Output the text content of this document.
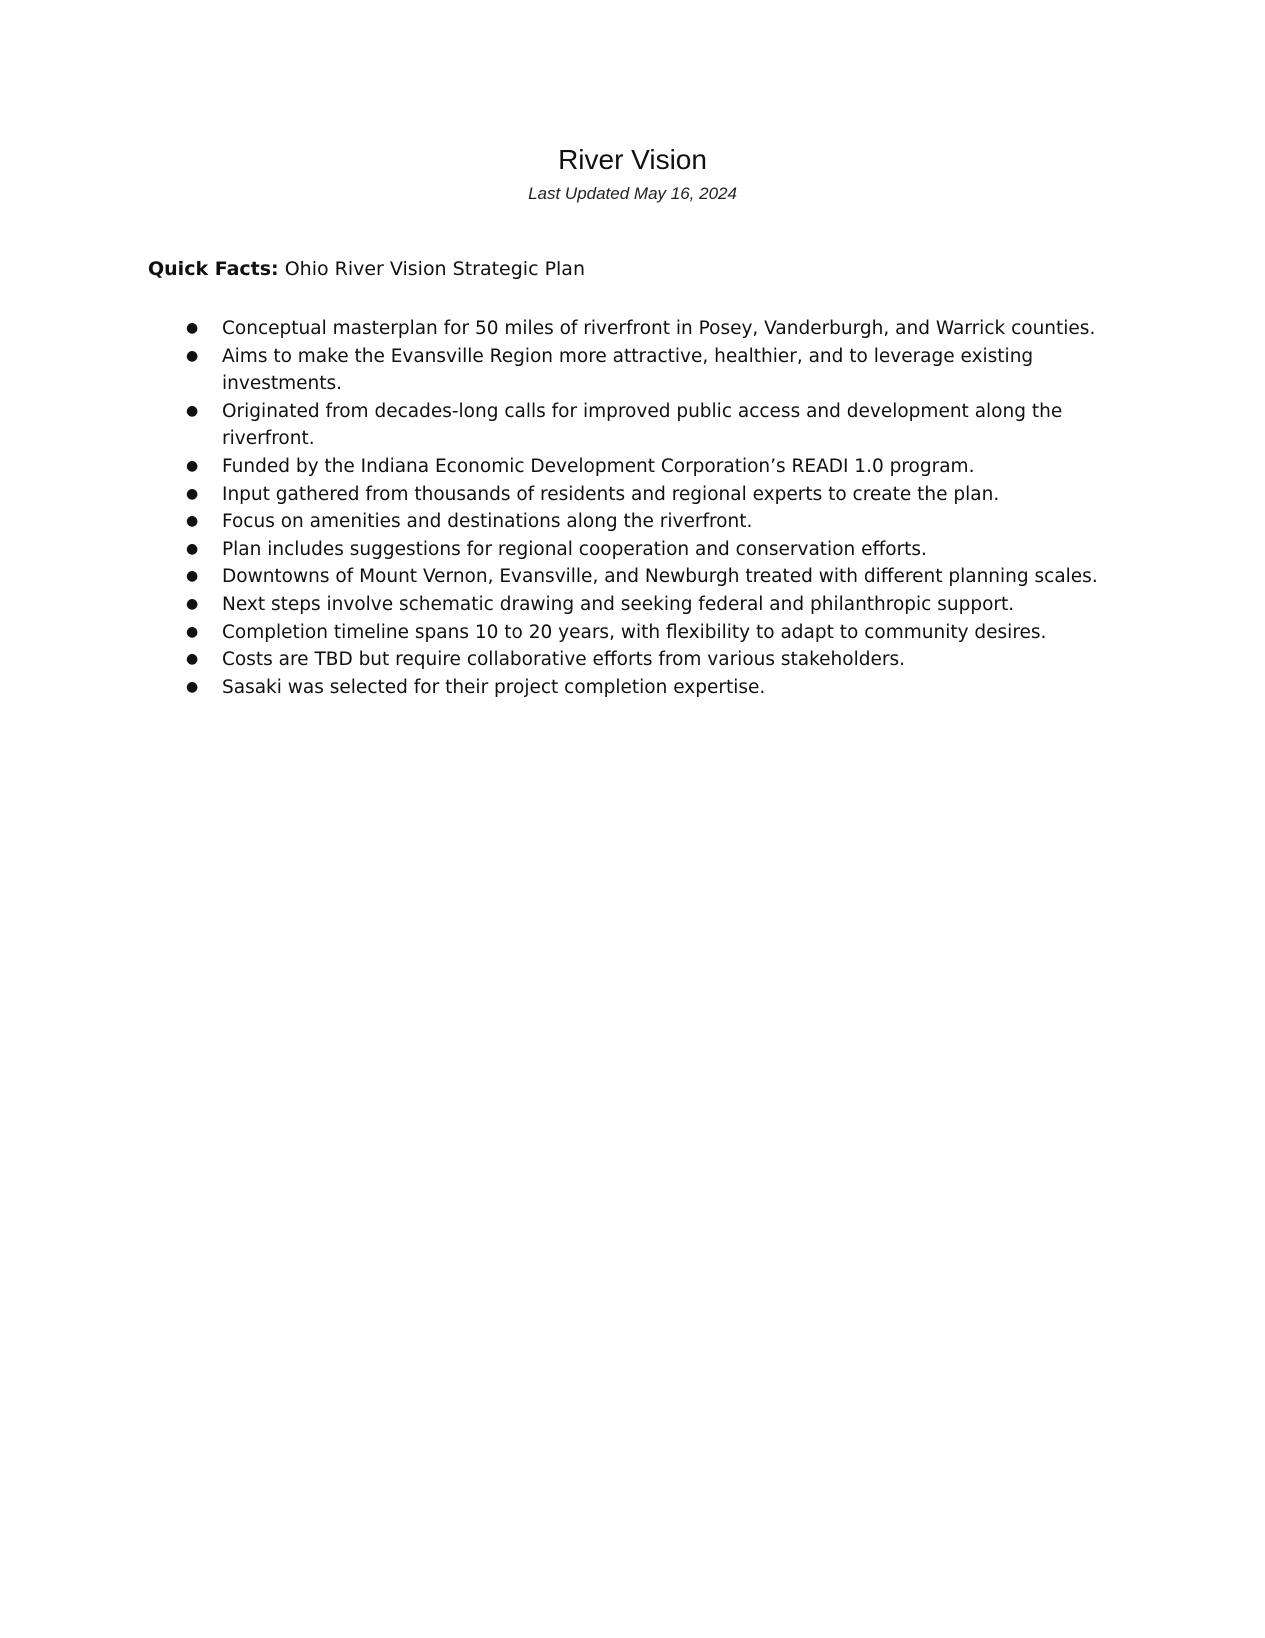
River Vision

Last Updated May 16, 2024

Quick Facts: Ohio River Vision Strategic Plan

● Conceptual masterplan for 50 miles of riverfront in Posey, Vanderburgh, and Warrick counties.
● Aims to make the Evansville Region more attractive, healthier, and to leverage existing investments.
● Originated from decades-long calls for improved public access and development along the riverfront.
● Funded by the Indiana Economic Development Corporation’s READI 1.0 program.
● Input gathered from thousands of residents and regional experts to create the plan.
● Focus on amenities and destinations along the riverfront.
● Plan includes suggestions for regional cooperation and conservation efforts.
● Downtowns of Mount Vernon, Evansville, and Newburgh treated with different planning scales.
● Next steps involve schematic drawing and seeking federal and philanthropic support.
● Completion timeline spans 10 to 20 years, with flexibility to adapt to community desires.
● Costs are TBD but require collaborative efforts from various stakeholders.
● Sasaki was selected for their project completion expertise.
